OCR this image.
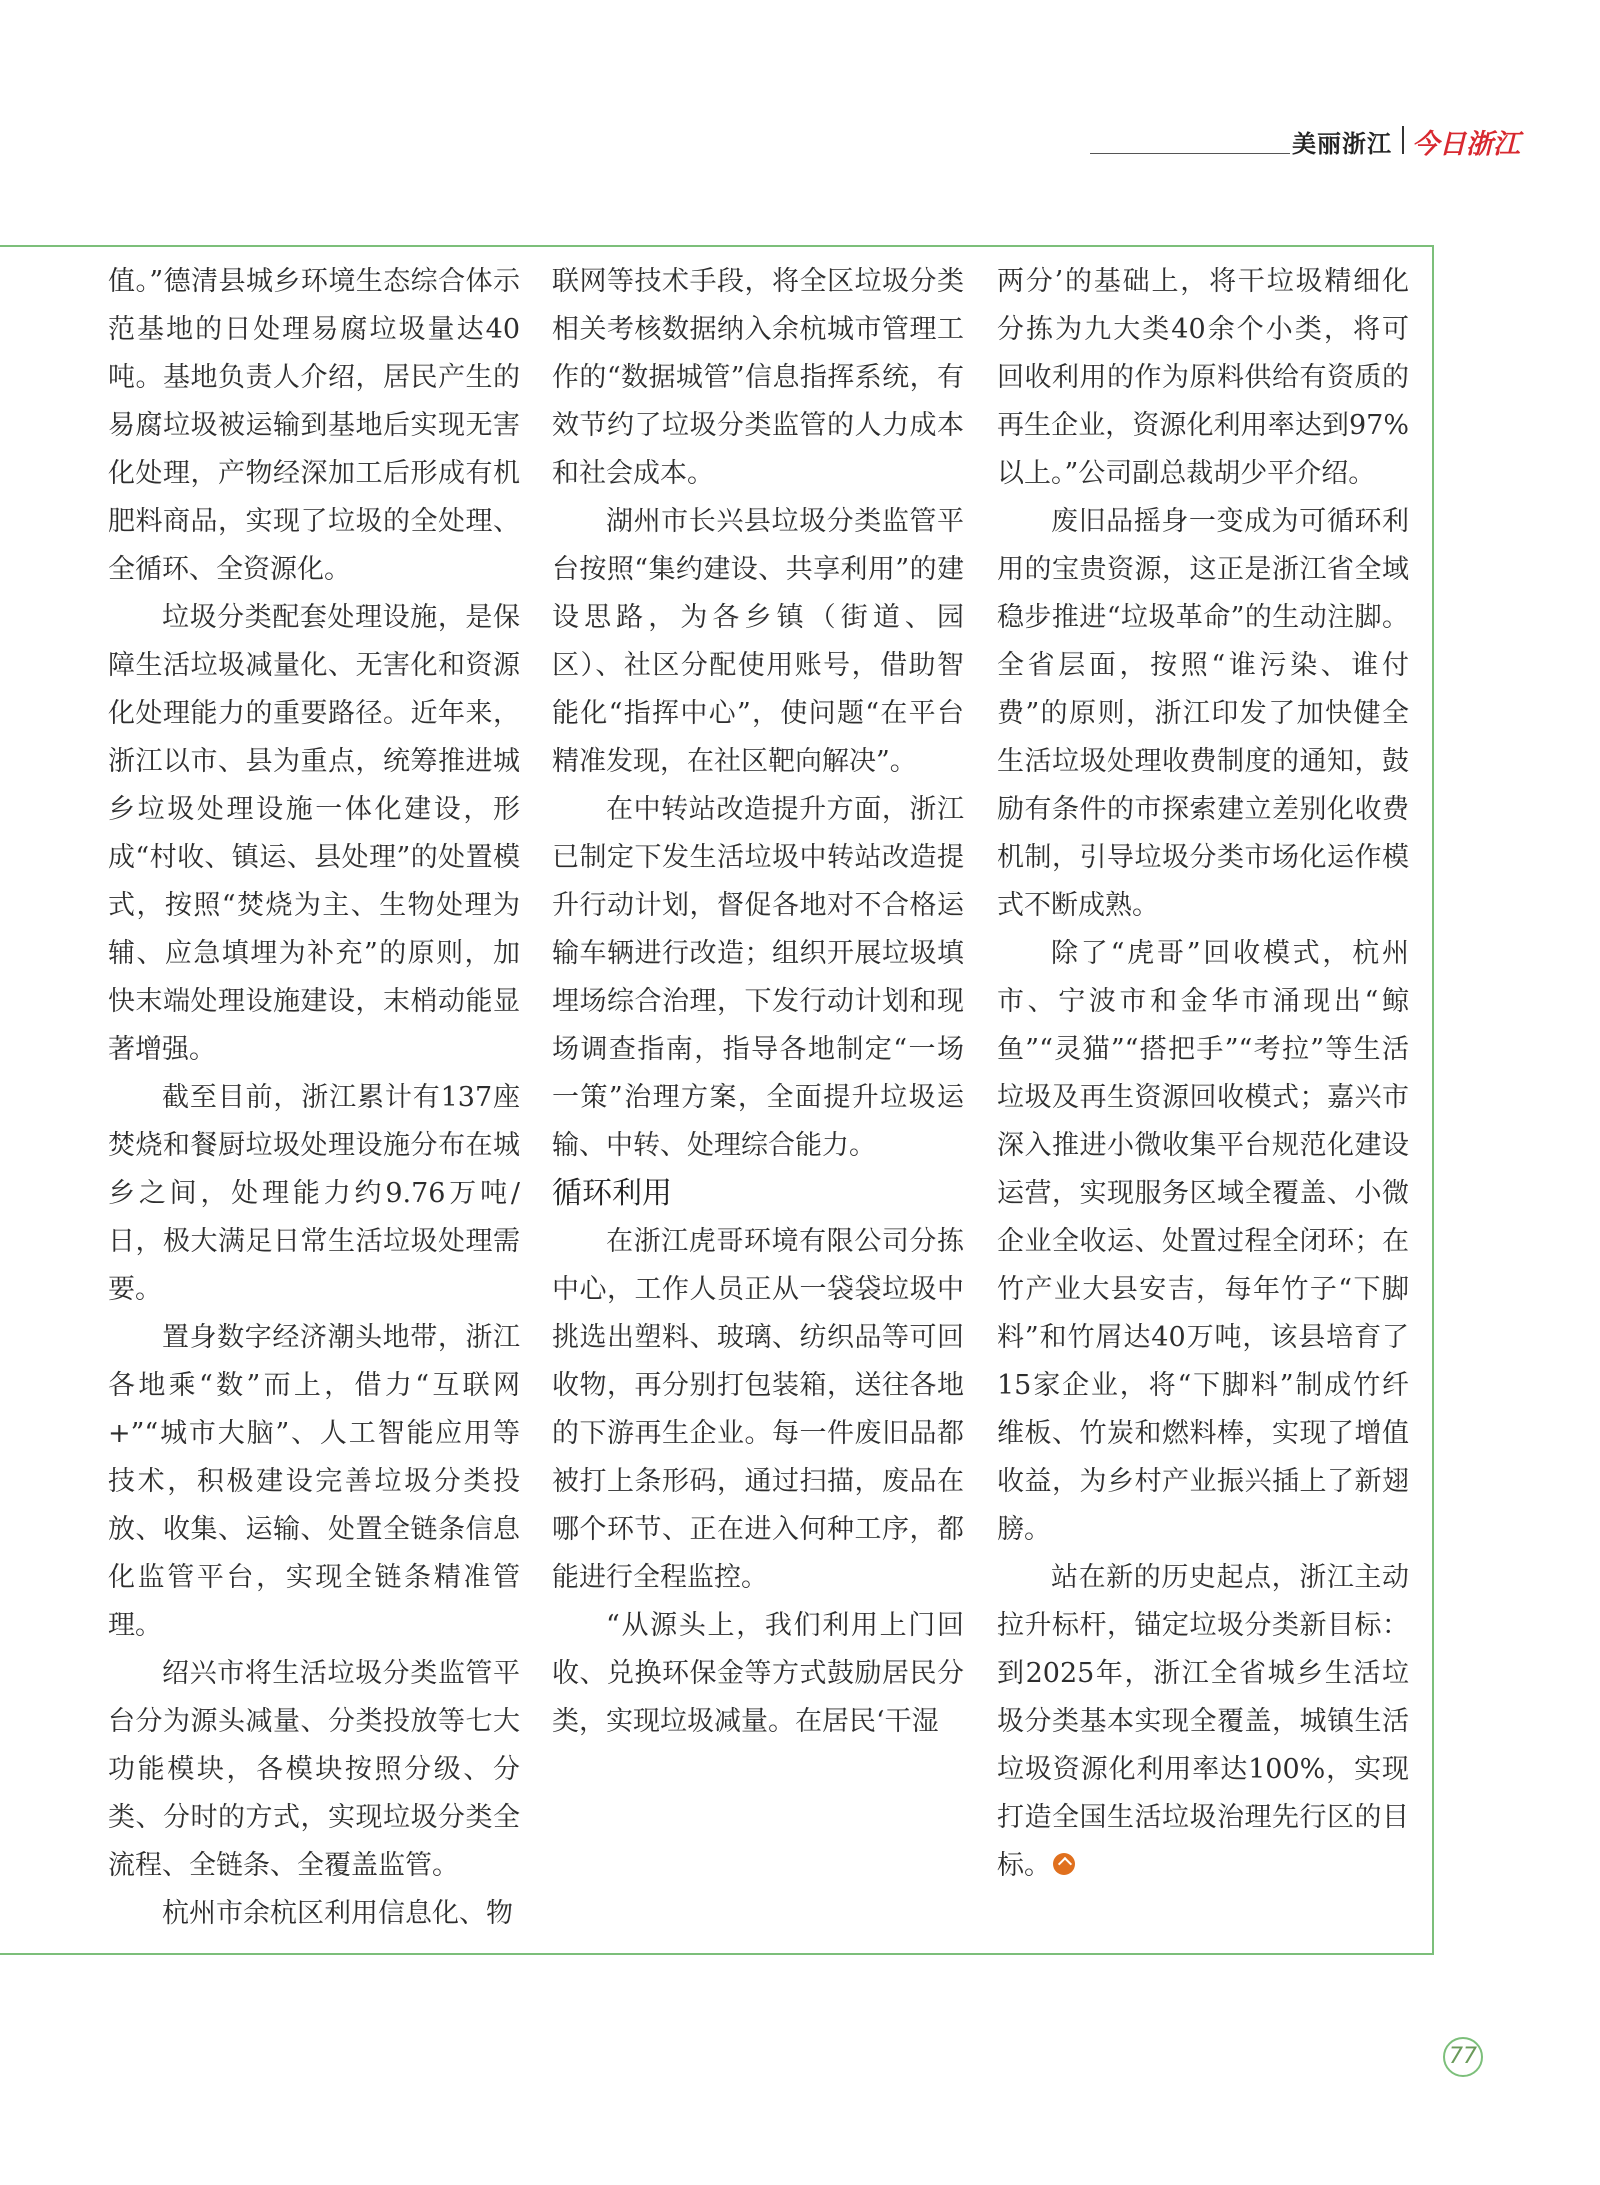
美丽浙江 今日浙江

值。”德清县城乡环境生态综合体示范基地的日处理易腐垃圾量达40吨。基地负责人介绍，居民产生的易腐垃圾被运输到基地后实现无害化处理，产物经深加工后形成有机肥料商品，实现了垃圾的全处理、全循环、全资源化。

垃圾分类配套处理设施，是保障生活垃圾减量化、无害化和资源化处理能力的重要路径。近年来，浙江以市、县为重点，统筹推进城乡垃圾处理设施一体化建设，形成“村收、镇运、县处理”的处置模式，按照“焚烧为主、生物处理为辅、应急填埋为补充”的原则，加快末端处理设施建设，末梢动能显著增强。

截至目前，浙江累计有137座焚烧和餐厨垃圾处理设施分布在城乡之间，处理能力约9.76万吨/日，极大满足日常生活垃圾处理需要。

置身数字经济潮头地带，浙江各地乘“数”而上，借力“互联网+”“城市大脑”、人工智能应用等技术，积极建设完善垃圾分类投放、收集、运输、处置全链条信息化监管平台，实现全链条精准管理。

绍兴市将生活垃圾分类监管平台分为源头减量、分类投放等七大功能模块，各模块按照分级、分类、分时的方式，实现垃圾分类全流程、全链条、全覆盖监管。

杭州市余杭区利用信息化、物

联网等技术手段，将全区垃圾分类相关考核数据纳入余杭城市管理工作的“数据城管”信息指挥系统，有效节约了垃圾分类监管的人力成本和社会成本。

湖州市长兴县垃圾分类监管平台按照“集约建设、共享利用”的建设思路，为各乡镇（街道、园区）、社区分配使用账号，借助智能化“指挥中心”，使问题“在平台精准发现，在社区靶向解决”。

在中转站改造提升方面，浙江已制定下发生活垃圾中转站改造提升行动计划，督促各地对不合格运输车辆进行改造；组织开展垃圾填埋场综合治理，下发行动计划和现场调查指南，指导各地制定“一场一策”治理方案，全面提升垃圾运输、中转、处理综合能力。

循环利用

在浙江虎哥环境有限公司分拣中心，工作人员正从一袋袋垃圾中挑选出塑料、玻璃、纺织品等可回收物，再分别打包装箱，送往各地的下游再生企业。每一件废旧品都被打上条形码，通过扫描，废品在哪个环节、正在进入何种工序，都能进行全程监控。

“从源头上，我们利用上门回收、兑换环保金等方式鼓励居民分类，实现垃圾减量。在居民‘干湿

两分’的基础上，将干垃圾精细化分拣为九大类40余个小类，将可回收利用的作为原料供给有资质的再生企业，资源化利用率达到97%以上。”公司副总裁胡少平介绍。

废旧品摇身一变成为可循环利用的宝贵资源，这正是浙江省全域稳步推进“垃圾革命”的生动注脚。全省层面，按照“谁污染、谁付费”的原则，浙江印发了加快健全生活垃圾处理收费制度的通知，鼓励有条件的市探索建立差别化收费机制，引导垃圾分类市场化运作模式不断成熟。

除了“虎哥”回收模式，杭州市、宁波市和金华市涌现出“鲸鱼”“灵猫”“搭把手”“考拉”等生活垃圾及再生资源回收模式；嘉兴市深入推进小微收集平台规范化建设运营，实现服务区域全覆盖、小微企业全收运、处置过程全闭环；在竹产业大县安吉，每年竹子“下脚料”和竹屑达40万吨，该县培育了15家企业，将“下脚料”制成竹纤维板、竹炭和燃料棒，实现了增值收益，为乡村产业振兴插上了新翅膀。

站在新的历史起点，浙江主动拉升标杆，锚定垃圾分类新目标：到2025年，浙江全省城乡生活垃圾分类基本实现全覆盖，城镇生活垃圾资源化利用率达100%，实现打造全国生活垃圾治理先行区的目标。

77
